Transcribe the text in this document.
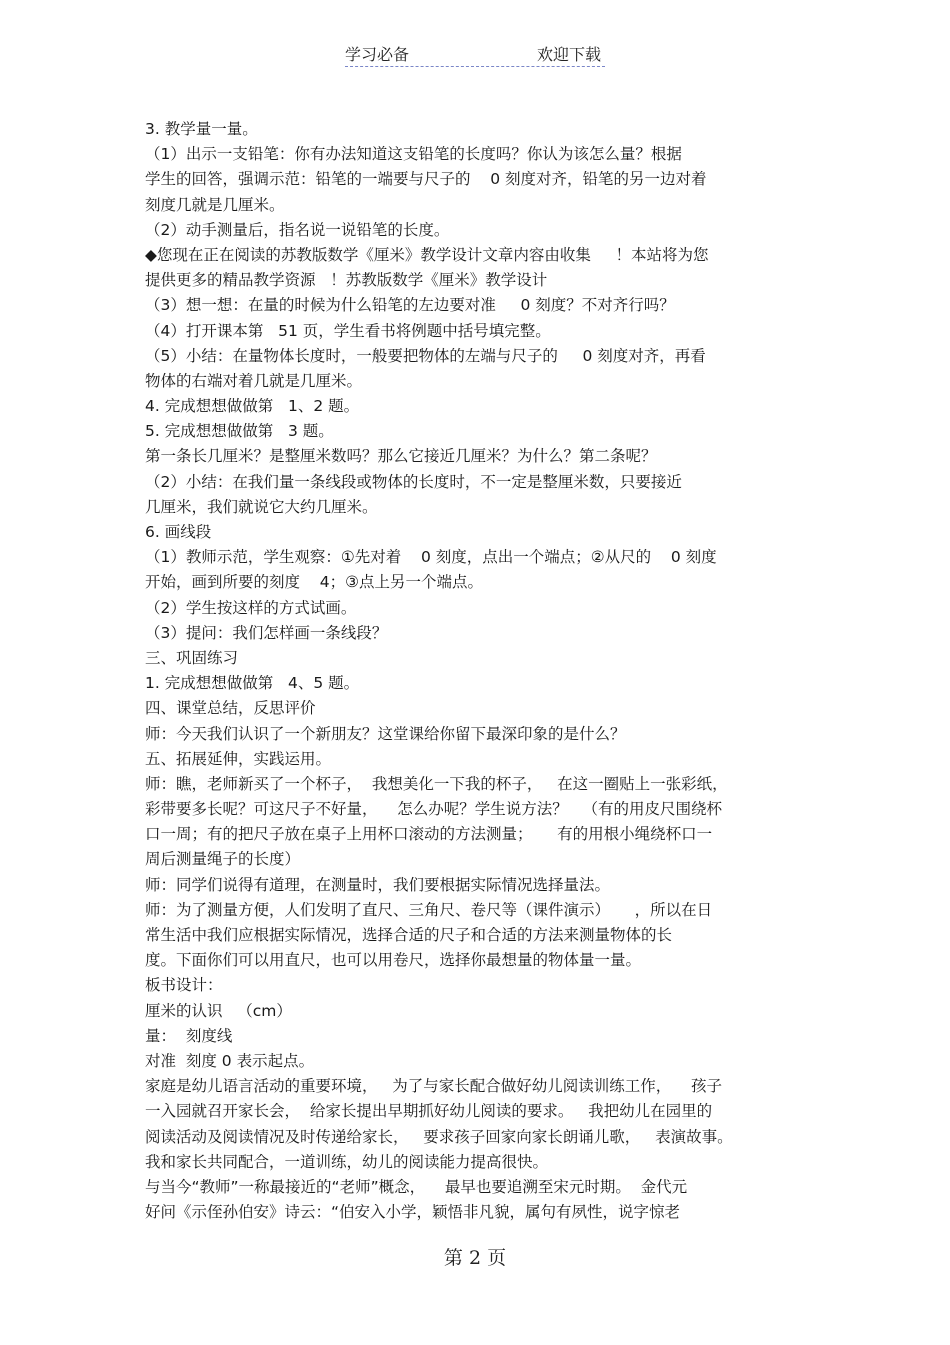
学习必备	欢迎下载
3. 教学量一量。
（1）出示一支铅笔：你有办法知道这支铅笔的长度吗？你认为该怎么量？根据
学生的回答，强调示范：铅笔的一端要与尺子的    0 刻度对齐，铅笔的另一边对着
刻度几就是几厘米。
（2）动手测量后，指名说一说铅笔的长度。
◆您现在正在阅读的苏教版数学《厘米》教学设计文章内容由收集     ！本站将为您
提供更多的精品教学资源   ！苏教版数学《厘米》教学设计
（3）想一想：在量的时候为什么铅笔的左边要对准     0 刻度？不对齐行吗？
（4）打开课本第   51 页，学生看书将例题中括号填完整。
（5）小结：在量物体长度时，一般要把物体的左端与尺子的     0 刻度对齐，再看
物体的右端对着几就是几厘米。
4. 完成想想做做第   1、2 题。
5. 完成想想做做第   3 题。
第一条长几厘米？是整厘米数吗？那么它接近几厘米？为什么？第二条呢？
（2）小结：在我们量一条线段或物体的长度时，不一定是整厘米数，只要接近
几厘米，我们就说它大约几厘米。
6. 画线段
（1）教师示范，学生观察：①先对着    0 刻度，点出一个端点；②从尺的    0 刻度
开始，画到所要的刻度    4；③点上另一个端点。
（2）学生按这样的方式试画。
（3）提问：我们怎样画一条线段？
三、巩固练习
1. 完成想想做做第   4、5 题。
四、课堂总结，反思评价
师：今天我们认识了一个新朋友？这堂课给你留下最深印象的是什么？
五、拓展延伸，实践运用。
师：瞧，老师新买了一个杯子，  我想美化一下我的杯子，   在这一圈贴上一张彩纸，
彩带要多长呢？可这尺子不好量，    怎么办呢？学生说方法？   （有的用皮尺围绕杯
口一周；有的把尺子放在桌子上用杯口滚动的方法测量；     有的用根小绳绕杯口一
周后测量绳子的长度）
师：同学们说得有道理，在测量时，我们要根据实际情况选择量法。
师：为了测量方便，人们发明了直尺、三角尺、卷尺等（课件演示）     ，所以在日
常生活中我们应根据实际情况，选择合适的尺子和合适的方法来测量物体的长
度。下面你们可以用直尺，也可以用卷尺，选择你最想量的物体量一量。
板书设计：
厘米的认识   （cm）
量：  刻度线
对准  刻度 0 表示起点。
家庭是幼儿语言活动的重要环境，   为了与家长配合做好幼儿阅读训练工作，    孩子
一入园就召开家长会，  给家长提出早期抓好幼儿阅读的要求。   我把幼儿在园里的
阅读活动及阅读情况及时传递给家长，   要求孩子回家向家长朗诵儿歌，   表演故事。
我和家长共同配合，一道训练，幼儿的阅读能力提高很快。
与当今“教师”一称最接近的“老师”概念，    最早也要追溯至宋元时期。  金代元
好问《示侄孙伯安》诗云：“伯安入小学，颖悟非凡貌，属句有夙性，说字惊老
第 2 页
